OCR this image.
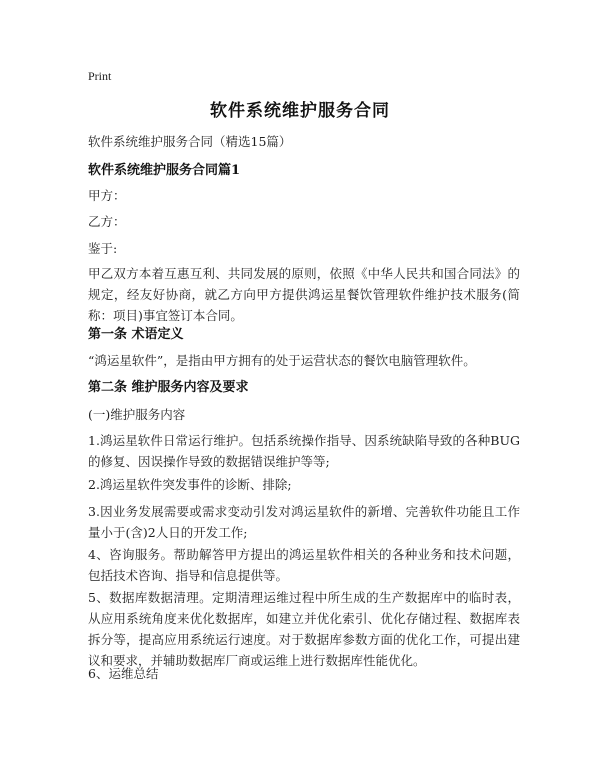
Print
软件系统维护服务合同
软件系统维护服务合同（精选15篇）
软件系统维护服务合同篇1
甲方：
乙方：
鉴于:
甲乙双方本着互惠互利、共同发展的原则，依照《中华人民共和国合同法》的规定，经友好协商，就乙方向甲方提供鸿运星餐饮管理软件维护技术服务(简称：项目)事宜签订本合同。
第一条 术语定义
“鸿运星软件”，是指由甲方拥有的处于运营状态的餐饮电脑管理软件。
第二条 维护服务内容及要求
(一)维护服务内容
1.鸿运星软件日常运行维护。包括系统操作指导、因系统缺陷导致的各种BUG的修复、因误操作导致的数据错误维护等等;
2.鸿运星软件突发事件的诊断、排除;
3.因业务发展需要或需求变动引发对鸿运星软件的新增、完善软件功能且工作量小于(含)2人日的开发工作;
4、咨询服务。帮助解答甲方提出的鸿运星软件相关的各种业务和技术问题，包括技术咨询、指导和信息提供等。
5、数据库数据清理。定期清理运维过程中所生成的生产数据库中的临时表，从应用系统角度来优化数据库，如建立并优化索引、优化存储过程、数据库表拆分等，提高应用系统运行速度。对于数据库参数方面的优化工作，可提出建议和要求，并辅助数据库厂商或运维上进行数据库性能优化。
6、运维总结
